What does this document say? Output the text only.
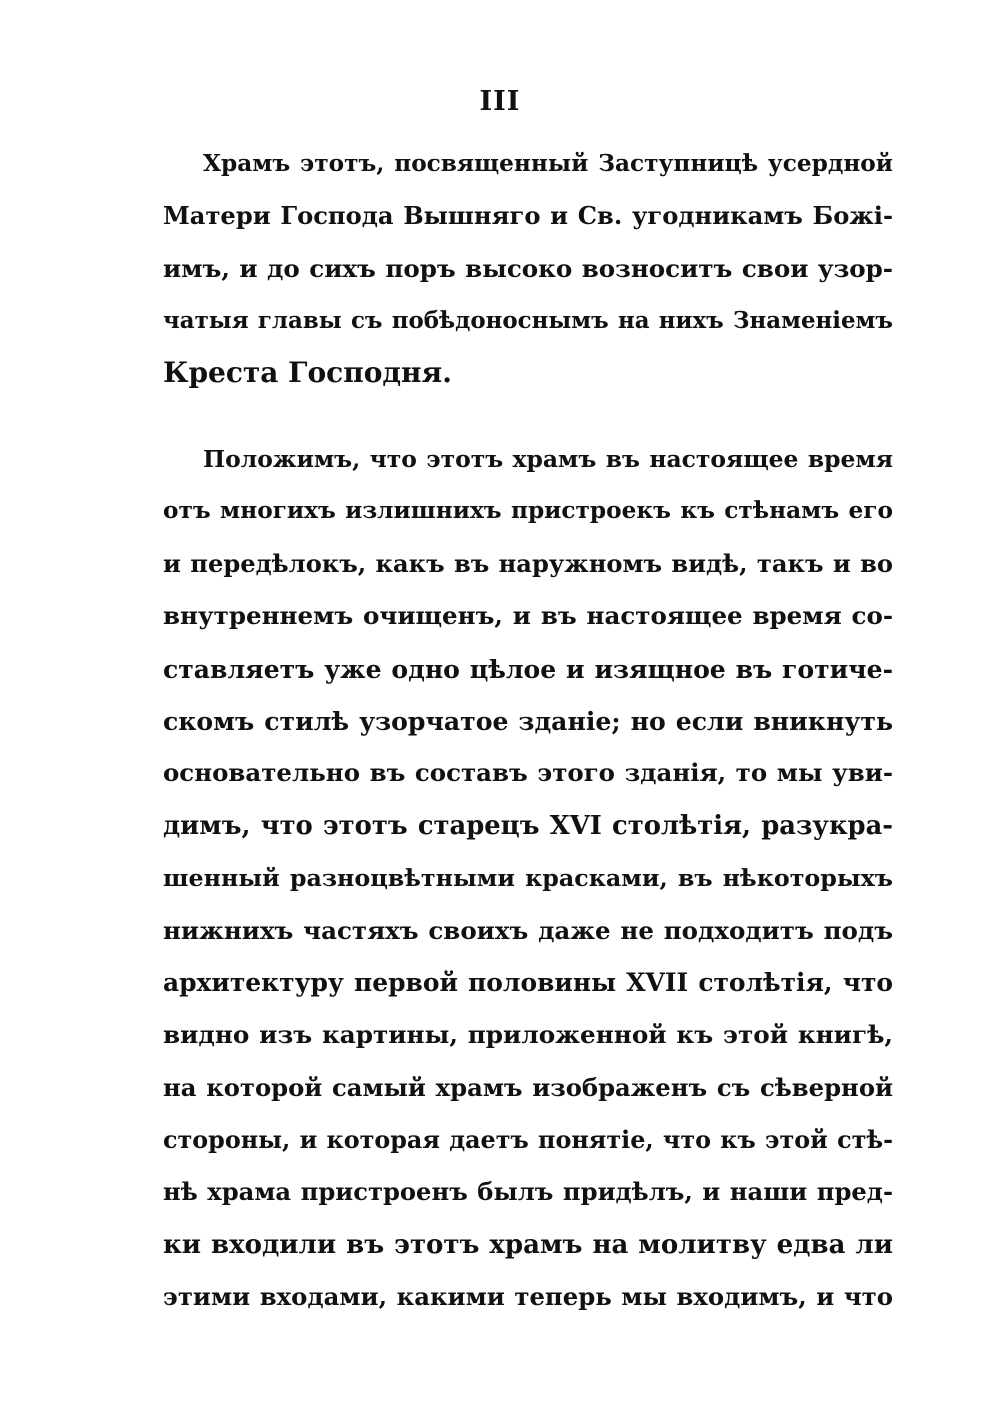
III
Храмъ этотъ, посвященный Заступницѣ усердной
Матери Господа Вышняго и Св. угодникамъ Божі-
имъ, и до сихъ поръ высоко возноситъ свои узор-
чатыя главы съ побѣдоноснымъ на нихъ Знаменіемъ
Креста Господня.
Положимъ, что этотъ храмъ въ настоящее время
отъ многихъ излишнихъ пристроекъ къ стѣнамъ его
и передѣлокъ, какъ въ наружномъ видѣ, такъ и во
внутреннемъ очищенъ, и въ настоящее время со-
ставляетъ уже одно цѣлое и изящное въ готиче-
скомъ стилѣ узорчатое зданіе; но если вникнуть
основательно въ составъ этого зданія, то мы уви-
димъ, что этотъ старецъ XVI столѣтія, разукра-
шенный разноцвѣтными красками, въ нѣкоторыхъ
нижнихъ частяхъ своихъ даже не подходитъ подъ
архитектуру первой половины XVII столѣтія, что
видно изъ картины, приложенной къ этой книгѣ,
на которой самый храмъ изображенъ съ сѣверной
стороны, и которая даетъ понятіе, что къ этой стѣ-
нѣ храма пристроенъ былъ придѣлъ, и наши пред-
ки входили въ этотъ храмъ на молитву едва ли
этими входами, какими теперь мы входимъ, и что
